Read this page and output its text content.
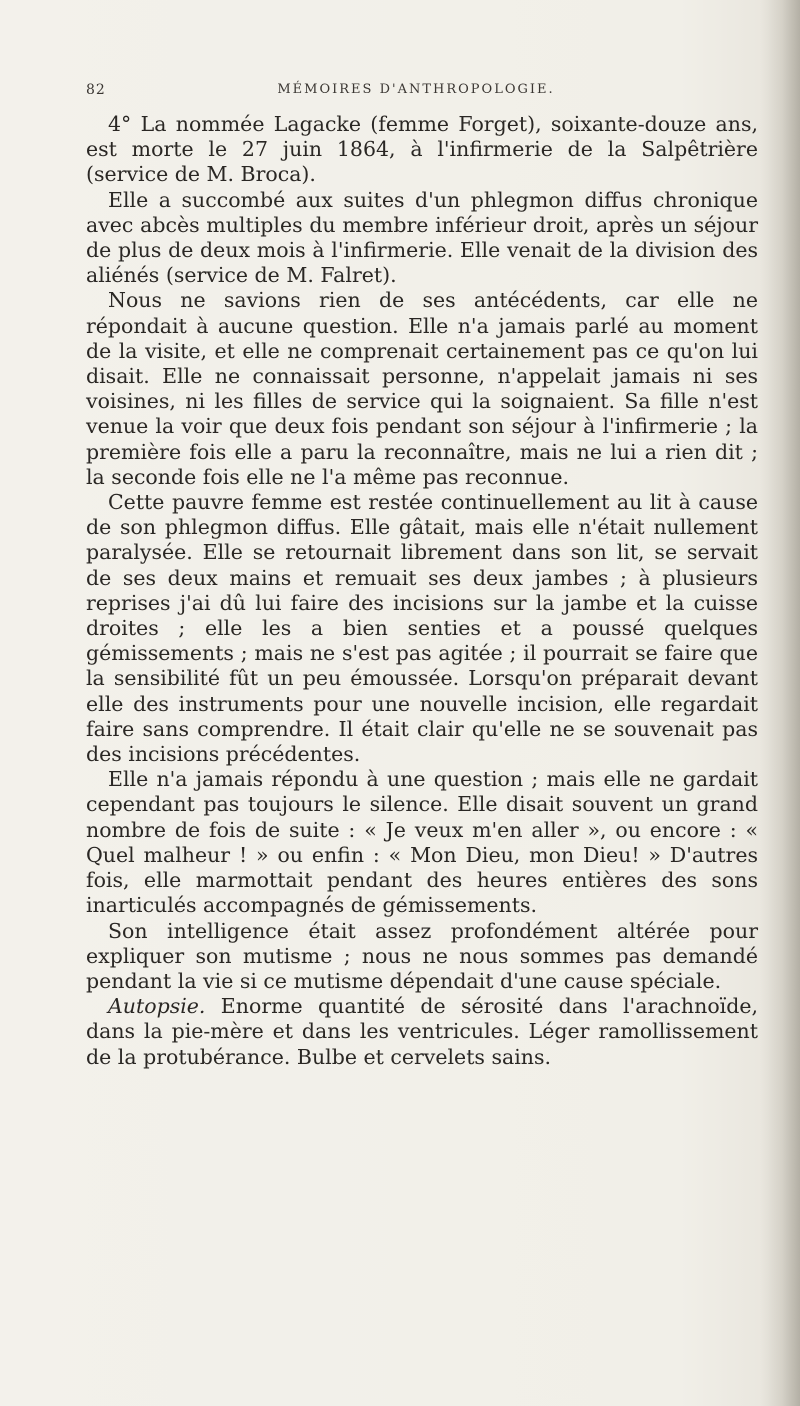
82	MÉMOIRES D'ANTHROPOLOGIE.

4° La nommée Lagacke (femme Forget), soixante-douze ans, est morte le 27 juin 1864, à l'infirmerie de la Salpêtrière (service de M. Broca).

Elle a succombé aux suites d'un phlegmon diffus chronique avec abcès multiples du membre inférieur droit, après un séjour de plus de deux mois à l'infirmerie. Elle venait de la division des aliénés (service de M. Falret).

Nous ne savions rien de ses antécédents, car elle ne répondait à aucune question. Elle n'a jamais parlé au moment de la visite, et elle ne comprenait certainement pas ce qu'on lui disait. Elle ne connaissait personne, n'appelait jamais ni ses voisines, ni les filles de service qui la soignaient. Sa fille n'est venue la voir que deux fois pendant son séjour à l'infirmerie ; la première fois elle a paru la reconnaître, mais ne lui a rien dit ; la seconde fois elle ne l'a même pas reconnue.

Cette pauvre femme est restée continuellement au lit à cause de son phlegmon diffus. Elle gâtait, mais elle n'était nullement paralysée. Elle se retournait librement dans son lit, se servait de ses deux mains et remuait ses deux jambes ; à plusieurs reprises j'ai dû lui faire des incisions sur la jambe et la cuisse droites ; elle les a bien senties et a poussé quelques gémissements ; mais ne s'est pas agitée ; il pourrait se faire que la sensibilité fût un peu émoussée. Lorsqu'on préparait devant elle des instruments pour une nouvelle incision, elle regardait faire sans comprendre. Il était clair qu'elle ne se souvenait pas des incisions précédentes.

Elle n'a jamais répondu à une question ; mais elle ne gardait cependant pas toujours le silence. Elle disait souvent un grand nombre de fois de suite : « Je veux m'en aller », ou encore : « Quel malheur ! » ou enfin : « Mon Dieu, mon Dieu! » D'autres fois, elle marmottait pendant des heures entières des sons inarticulés accompagnés de gémissements.

Son intelligence était assez profondément altérée pour expliquer son mutisme ; nous ne nous sommes pas demandé pendant la vie si ce mutisme dépendait d'une cause spéciale.

Autopsie. Enorme quantité de sérosité dans l'arachnoïde, dans la pie-mère et dans les ventricules. Léger ramollissement de la protubérance. Bulbe et cervelets sains.
